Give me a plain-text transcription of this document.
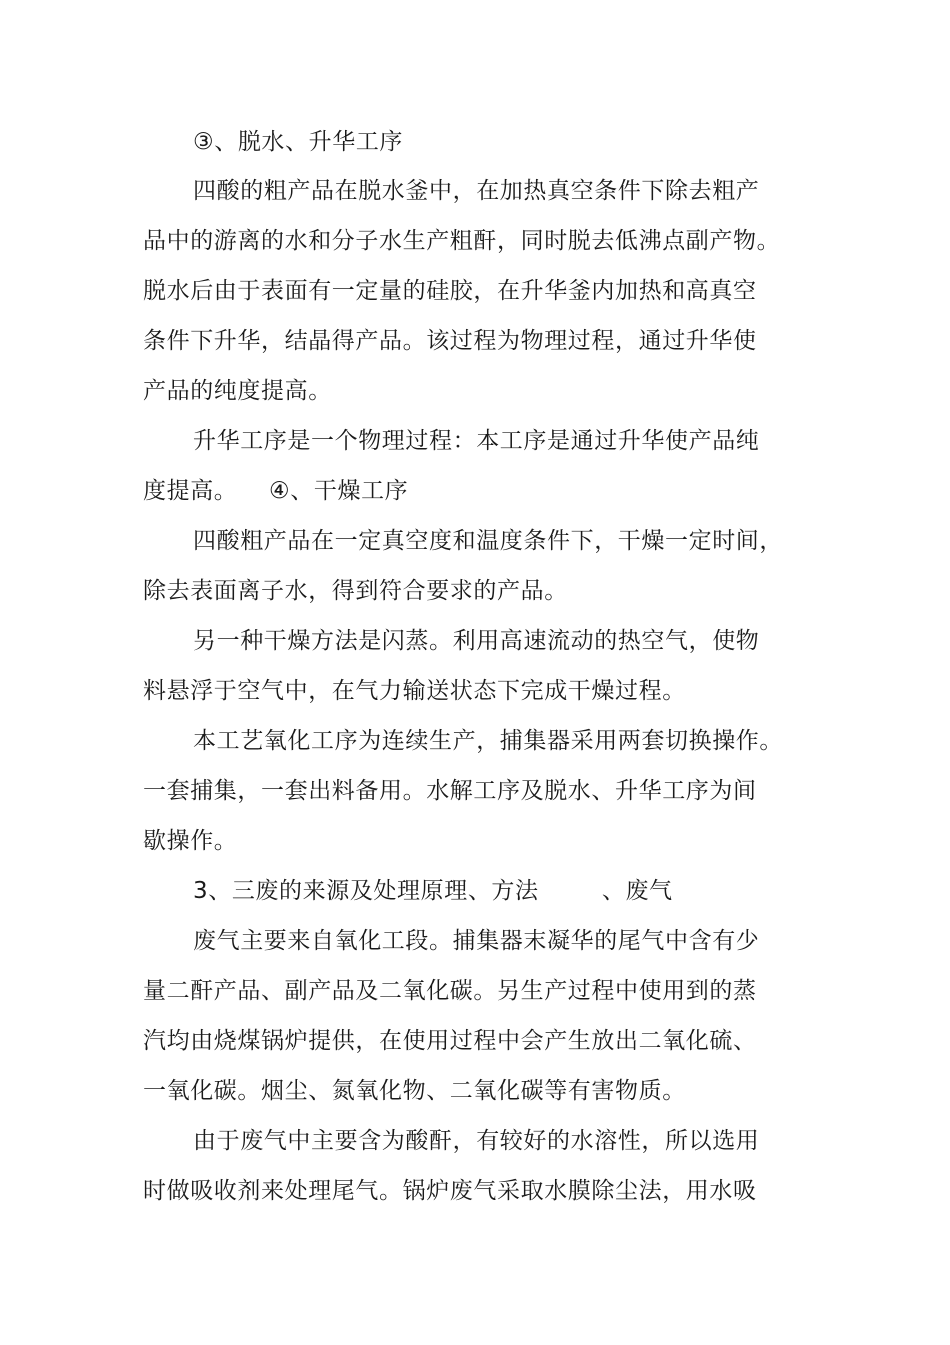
③、脱水、升华工序
四酸的粗产品在脱水釜中，在加热真空条件下除去粗产
品中的游离的水和分子水生产粗酐，同时脱去低沸点副产物。
脱水后由于表面有一定量的硅胶，在升华釜内加热和高真空
条件下升华，结晶得产品。该过程为物理过程，通过升华使
产品的纯度提高。
升华工序是一个物理过程：本工序是通过升华使产品纯
度提高。    ④、干燥工序
四酸粗产品在一定真空度和温度条件下，干燥一定时间，
除去表面离子水，得到符合要求的产品。
另一种干燥方法是闪蒸。利用高速流动的热空气，使物
料悬浮于空气中，在气力输送状态下完成干燥过程。
本工艺氧化工序为连续生产，捕集器采用两套切换操作。
一套捕集，一套出料备用。水解工序及脱水、升华工序为间
歇操作。
3、三废的来源及处理原理、方法        、废气
废气主要来自氧化工段。捕集器末凝华的尾气中含有少
量二酐产品、副产品及二氧化碳。另生产过程中使用到的蒸
汽均由烧煤锅炉提供，在使用过程中会产生放出二氧化硫、
一氧化碳。烟尘、氮氧化物、二氧化碳等有害物质。
由于废气中主要含为酸酐，有较好的水溶性，所以选用
时做吸收剂来处理尾气。锅炉废气采取水膜除尘法，用水吸
